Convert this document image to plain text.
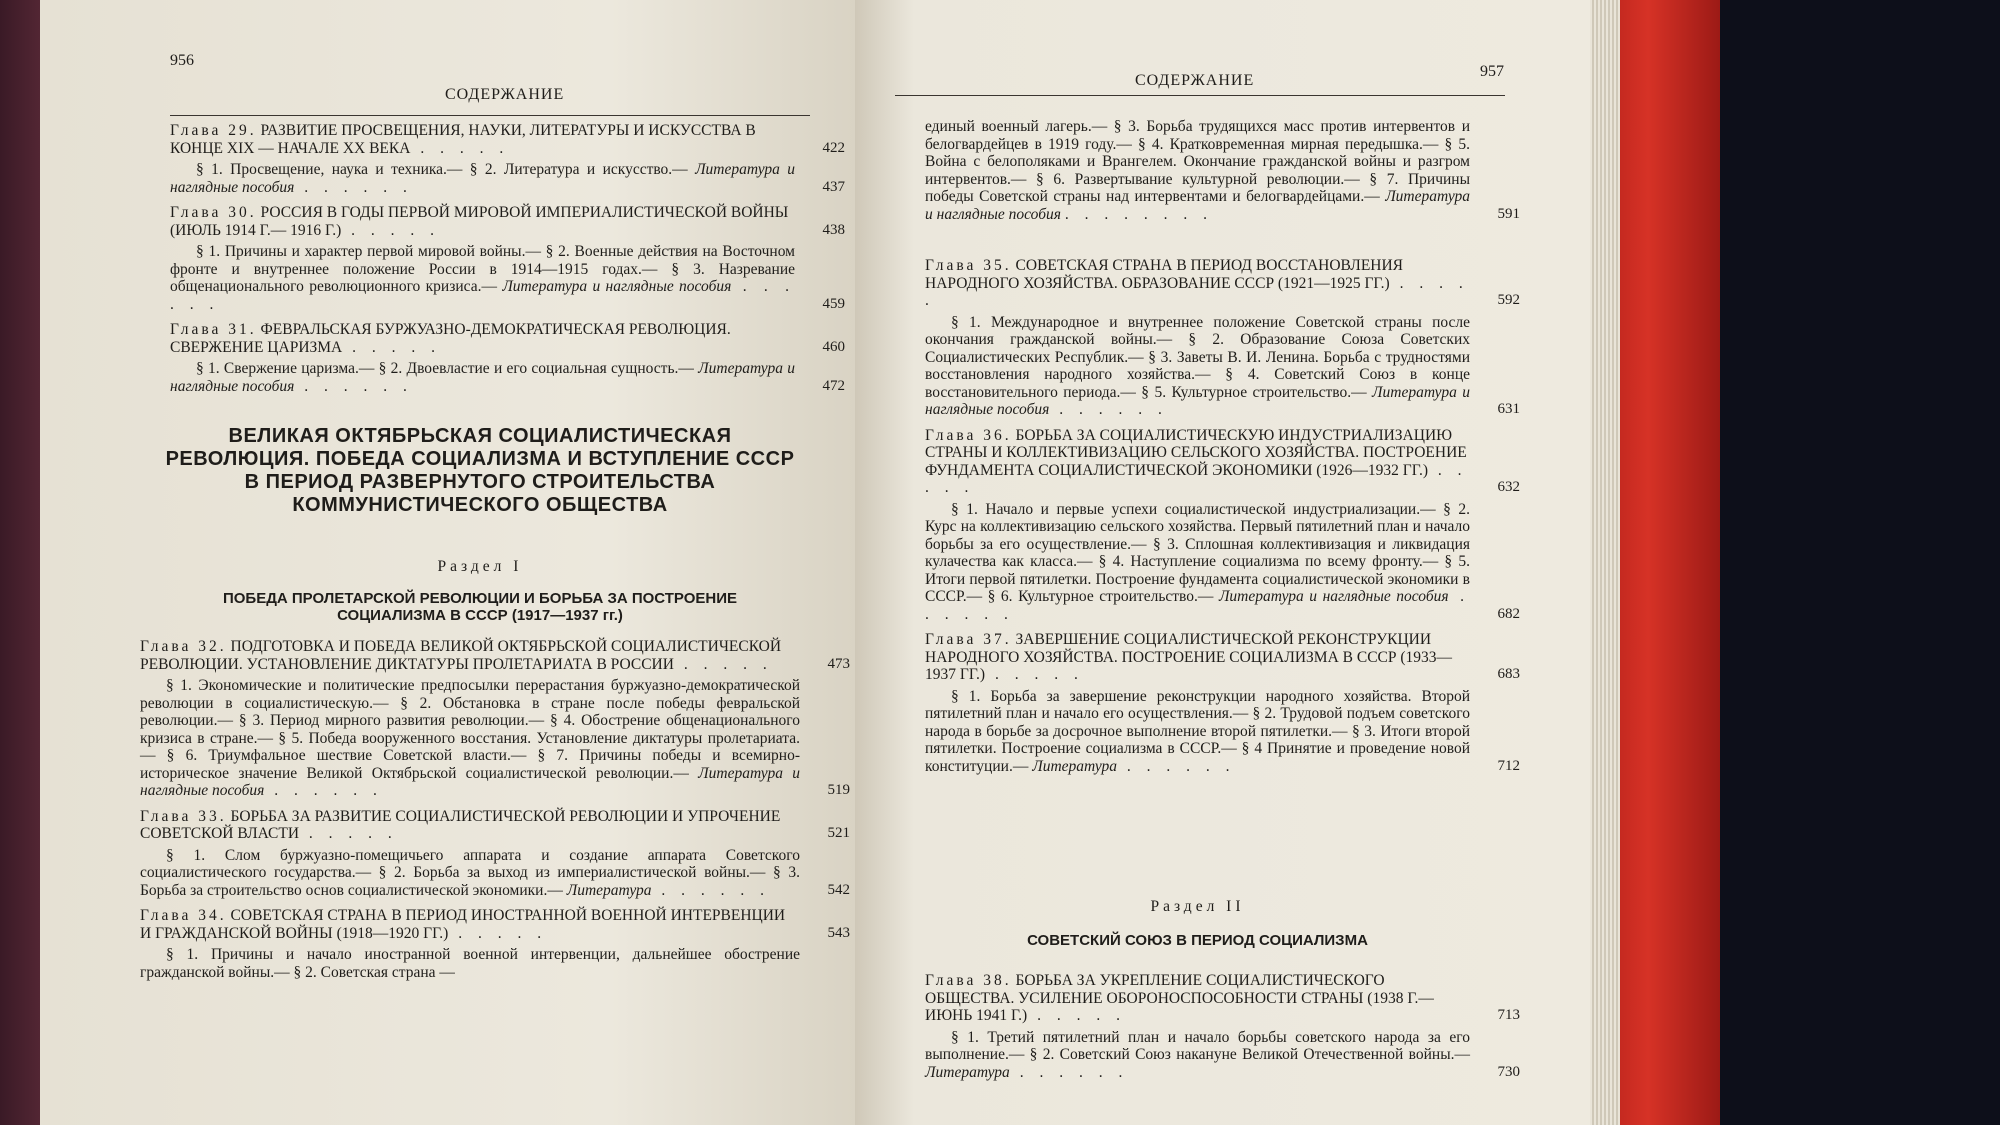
956
СОДЕРЖАНИЕ
Глава 29. РАЗВИТИЕ ПРОСВЕЩЕНИЯ, НАУКИ, ЛИТЕРАТУРЫ И ИСКУССТВА В КОНЦЕ XIX — НАЧАЛЕ XX ВЕКА . . . . .	422
§ 1. Просвещение, наука и техника.— § 2. Литература и искусство.— Литература и наглядные пособия . . . . . .	437
Глава 30. РОССИЯ В ГОДЫ ПЕРВОЙ МИРОВОЙ ИМПЕРИАЛИСТИЧЕСКОЙ ВОЙНЫ (ИЮЛЬ 1914 Г.— 1916 Г.) . . . . .	438
§ 1. Причины и характер первой мировой войны.— § 2. Военные действия на Восточном фронте и внутреннее положение России в 1914—1915 годах.— § 3. Назревание общенационального революционного кризиса.— Литература и наглядные пособия . . . . . .	459
Глава 31. ФЕВРАЛЬСКАЯ БУРЖУАЗНО-ДЕМОКРАТИЧЕСКАЯ РЕВОЛЮЦИЯ. СВЕРЖЕНИЕ ЦАРИЗМА . . . . .	460
§ 1. Свержение царизма.— § 2. Двоевластие и его социальная сущность.— Литература и наглядные пособия . . . . . .	472
ВЕЛИКАЯ ОКТЯБРЬСКАЯ СОЦИАЛИСТИЧЕСКАЯ РЕВОЛЮЦИЯ. ПОБЕДА СОЦИАЛИЗМА И ВСТУПЛЕНИЕ СССР В ПЕРИОД РАЗВЕРНУТОГО СТРОИТЕЛЬСТВА КОММУНИСТИЧЕСКОГО ОБЩЕСТВА
Раздел I
ПОБЕДА ПРОЛЕТАРСКОЙ РЕВОЛЮЦИИ И БОРЬБА ЗА ПОСТРОЕНИЕ СОЦИАЛИЗМА В СССР (1917—1937 гг.)
Глава 32. ПОДГОТОВКА И ПОБЕДА ВЕЛИКОЙ ОКТЯБРЬСКОЙ СОЦИАЛИСТИЧЕСКОЙ РЕВОЛЮЦИИ. УСТАНОВЛЕНИЕ ДИКТАТУРЫ ПРОЛЕТАРИАТА В РОССИИ . . . . .	473
§ 1. Экономические и политические предпосылки перерастания буржуазно-демократической революции в социалистическую.— § 2. Обстановка в стране после победы февральской революции.— § 3. Период мирного развития революции.— § 4. Обострение общенационального кризиса в стране.— § 5. Победа вооруженного восстания. Установление диктатуры пролетариата.— § 6. Триумфальное шествие Советской власти.— § 7. Причины победы и всемирно-историческое значение Великой Октябрьской социалистической революции.— Литература и наглядные пособия . . . . . .	519
Глава 33. БОРЬБА ЗА РАЗВИТИЕ СОЦИАЛИСТИЧЕСКОЙ РЕВОЛЮЦИИ И УПРОЧЕНИЕ СОВЕТСКОЙ ВЛАСТИ . . . . .	521
§ 1. Слом буржуазно-помещичьего аппарата и создание аппарата Советского социалистического государства.— § 2. Борьба за выход из империалистической войны.— § 3. Борьба за строительство основ социалистической экономики.— Литература . . . . . .	542
Глава 34. СОВЕТСКАЯ СТРАНА В ПЕРИОД ИНОСТРАННОЙ ВОЕННОЙ ИНТЕРВЕНЦИИ И ГРАЖДАНСКОЙ ВОЙНЫ (1918—1920 ГГ.) . . . . .	543
§ 1. Причины и начало иностранной военной интервенции, дальнейшее обострение гражданской войны.— § 2. Советская страна —
СОДЕРЖАНИЕ
957
единый военный лагерь.— § 3. Борьба трудящихся масс против интервентов и белогвардейцев в 1919 году.— § 4. Кратковременная мирная передышка.— § 5. Война с белополяками и Врангелем. Окончание гражданской войны и разгром интервентов.— § 6. Развертывание культурной революции.— § 7. Причины победы Советской страны над интервентами и белогвардейцами.— Литература и наглядные пособия . . . . . . . .	591
Глава 35. СОВЕТСКАЯ СТРАНА В ПЕРИОД ВОССТАНОВЛЕНИЯ НАРОДНОГО ХОЗЯЙСТВА. ОБРАЗОВАНИЕ СССР (1921—1925 ГГ.) . . . . .	592
§ 1. Международное и внутреннее положение Советской страны после окончания гражданской войны.— § 2. Образование Союза Советских Социалистических Республик.— § 3. Заветы В. И. Ленина. Борьба с трудностями восстановления народного хозяйства.— § 4. Советский Союз в конце восстановительного периода.— § 5. Культурное строительство.— Литература и наглядные пособия . . . . . .	631
Глава 36. БОРЬБА ЗА СОЦИАЛИСТИЧЕСКУЮ ИНДУСТРИАЛИЗАЦИЮ СТРАНЫ И КОЛЛЕКТИВИЗАЦИЮ СЕЛЬСКОГО ХОЗЯЙСТВА. ПОСТРОЕНИЕ ФУНДАМЕНТА СОЦИАЛИСТИЧЕСКОЙ ЭКОНОМИКИ (1926—1932 ГГ.) . . . . .	632
§ 1. Начало и первые успехи социалистической индустриализации.— § 2. Курс на коллективизацию сельского хозяйства. Первый пятилетний план и начало борьбы за его осуществление.— § 3. Сплошная коллективизация и ликвидация кулачества как класса.— § 4. Наступление социализма по всему фронту.— § 5. Итоги первой пятилетки. Построение фундамента социалистической экономики в СССР.— § 6. Культурное строительство.— Литература и наглядные пособия . . . . . .	682
Глава 37. ЗАВЕРШЕНИЕ СОЦИАЛИСТИЧЕСКОЙ РЕКОНСТРУКЦИИ НАРОДНОГО ХОЗЯЙСТВА. ПОСТРОЕНИЕ СОЦИАЛИЗМА В СССР (1933—1937 ГГ.) . . . . .	683
§ 1. Борьба за завершение реконструкции народного хозяйства. Второй пятилетний план и начало его осуществления.— § 2. Трудовой подъем советского народа в борьбе за досрочное выполнение второй пятилетки.— § 3. Итоги второй пятилетки. Построение социализма в СССР.— § 4 Принятие и проведение новой конституции.— Литература . . . . . .	712
Раздел II
СОВЕТСКИЙ СОЮЗ В ПЕРИОД СОЦИАЛИЗМА
Глава 38. БОРЬБА ЗА УКРЕПЛЕНИЕ СОЦИАЛИСТИЧЕСКОГО ОБЩЕСТВА. УСИЛЕНИЕ ОБОРОНОСПОСОБНОСТИ СТРАНЫ (1938 Г.— ИЮНЬ 1941 Г.) . . . . .	713
§ 1. Третий пятилетний план и начало борьбы советского народа за его выполнение.— § 2. Советский Союз накануне Великой Отечественной войны.— Литература . . . . . .	730
